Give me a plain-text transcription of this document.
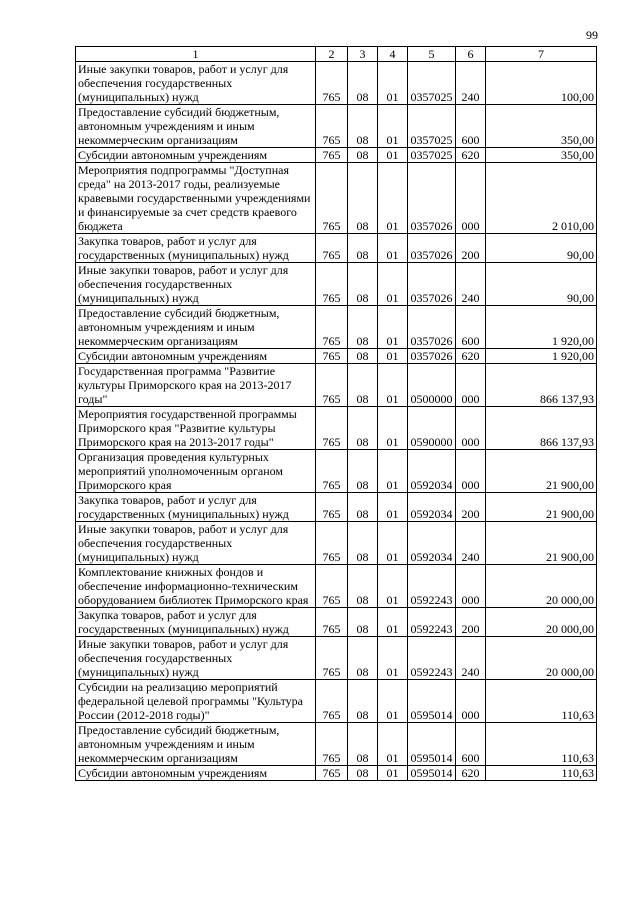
99
1	2	3	4	5	6	7
Иные закупки товаров, работ и услуг для обеспечения государственных (муниципальных) нужд	765	08	01	0357025	240	100,00
Предоставление субсидий бюджетным, автономным учреждениям и иным некоммерческим организациям	765	08	01	0357025	600	350,00
Субсидии автономным учреждениям	765	08	01	0357025	620	350,00
Мероприятия подпрограммы "Доступная среда" на 2013-2017 годы, реализуемые кравевыми государственными учреждениями и финансируемые за счет средств краевого бюджета	765	08	01	0357026	000	2 010,00
Закупка товаров, работ и услуг для государственных (муниципальных) нужд	765	08	01	0357026	200	90,00
Иные закупки товаров, работ и услуг для обеспечения государственных (муниципальных) нужд	765	08	01	0357026	240	90,00
Предоставление субсидий бюджетным, автономным учреждениям и иным некоммерческим организациям	765	08	01	0357026	600	1 920,00
Субсидии автономным учреждениям	765	08	01	0357026	620	1 920,00
Государственная программа "Развитие культуры Приморского края на 2013-2017 годы"	765	08	01	0500000	000	866 137,93
Мероприятия государственной программы Приморского края "Развитие культуры Приморского края на 2013-2017 годы"	765	08	01	0590000	000	866 137,93
Организация проведения культурных мероприятий уполномоченным органом Приморского края	765	08	01	0592034	000	21 900,00
Закупка товаров, работ и услуг для государственных (муниципальных) нужд	765	08	01	0592034	200	21 900,00
Иные закупки товаров, работ и услуг для обеспечения государственных (муниципальных) нужд	765	08	01	0592034	240	21 900,00
Комплектование книжных фондов и обеспечение информационно-техническим оборудованием библиотек Приморского края	765	08	01	0592243	000	20 000,00
Закупка товаров, работ и услуг для государственных (муниципальных) нужд	765	08	01	0592243	200	20 000,00
Иные закупки товаров, работ и услуг для обеспечения государственных (муниципальных) нужд	765	08	01	0592243	240	20 000,00
Субсидии на реализацию мероприятий федеральной целевой программы "Культура России (2012-2018 годы)"	765	08	01	0595014	000	110,63
Предоставление субсидий бюджетным, автономным учреждениям и иным некоммерческим организациям	765	08	01	0595014	600	110,63
Субсидии автономным учреждениям	765	08	01	0595014	620	110,63
